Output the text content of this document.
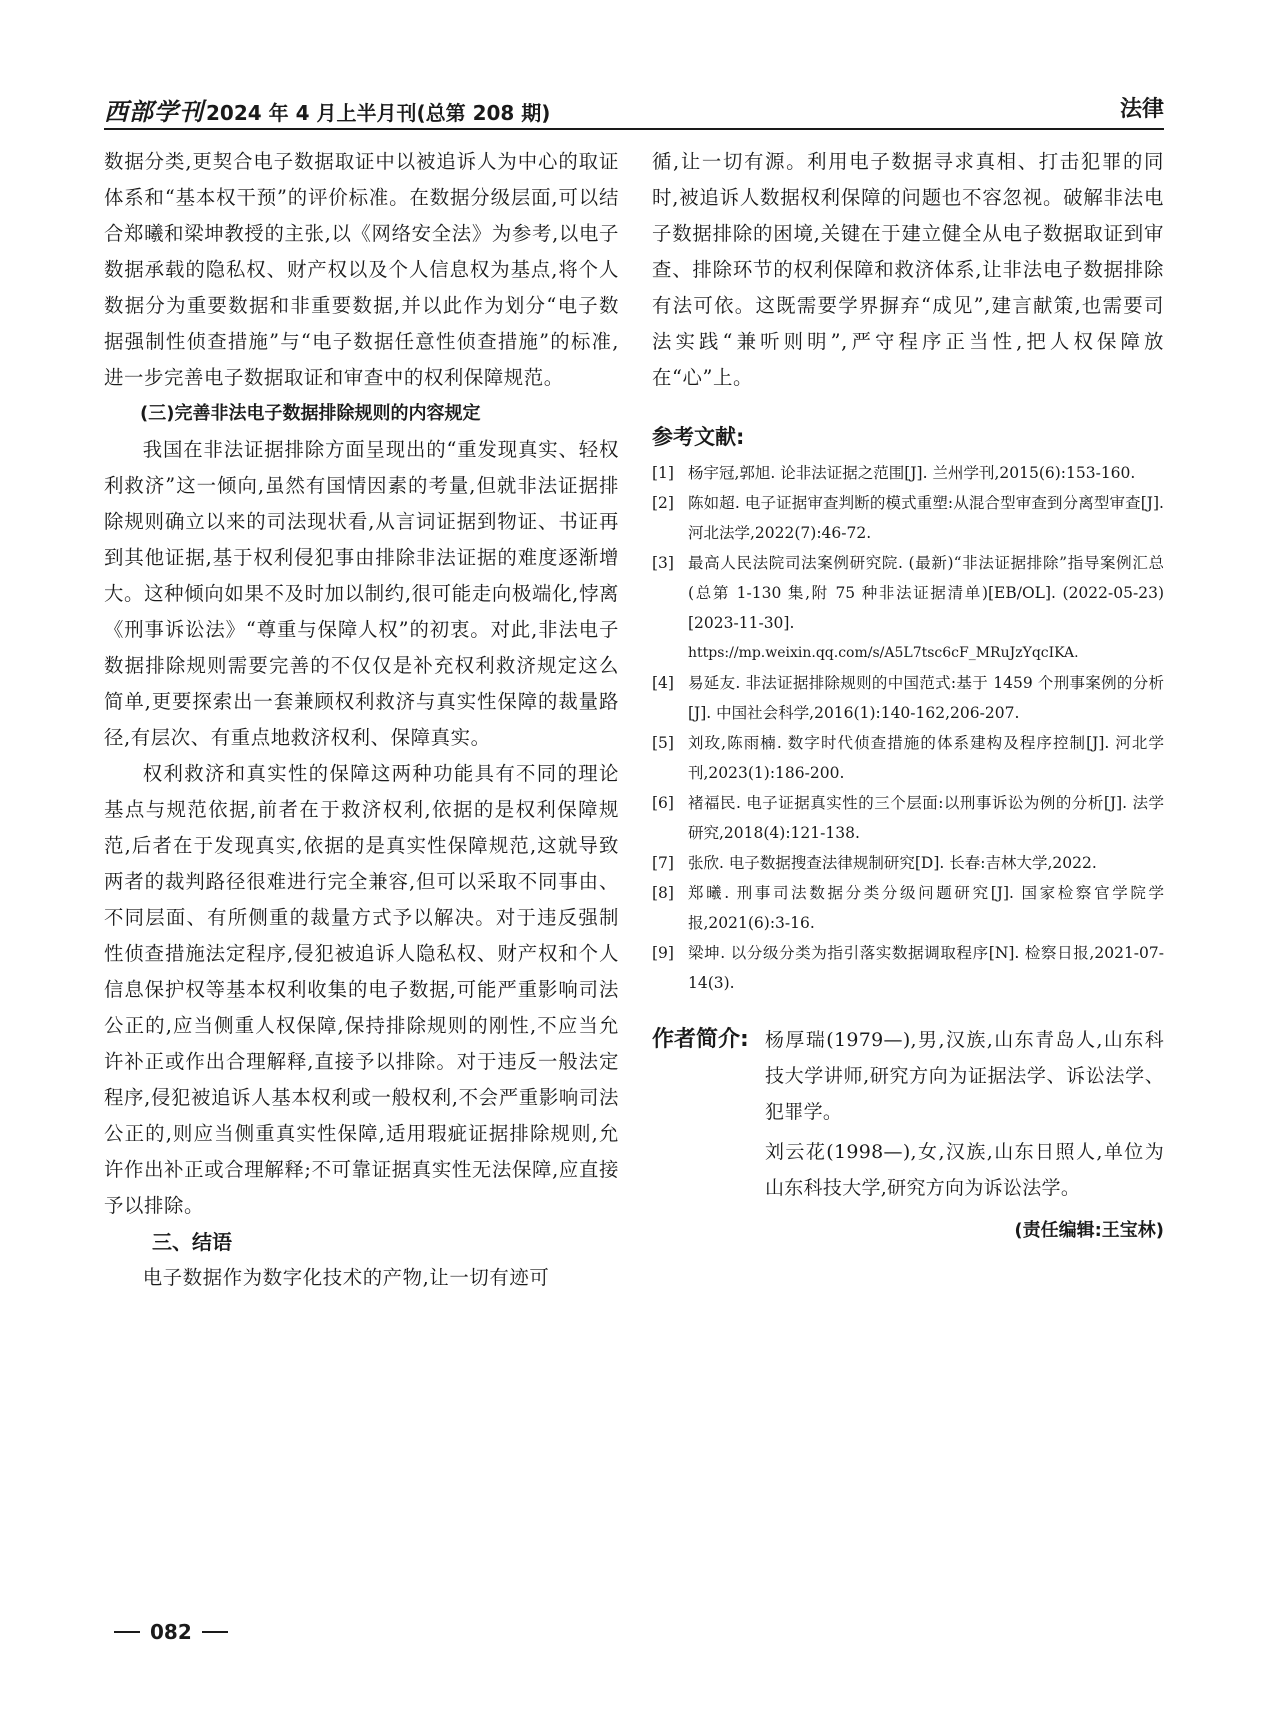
西部学刊 2024 年 4 月上半月刊(总第 208 期)	法律

数据分类,更契合电子数据取证中以被追诉人为中心的取证体系和“基本权干预”的评价标准。在数据分级层面,可以结合郑曦和梁坤教授的主张,以《网络安全法》为参考,以电子数据承载的隐私权、财产权以及个人信息权为基点,将个人数据分为重要数据和非重要数据,并以此作为划分“电子数据强制性侦查措施”与“电子数据任意性侦查措施”的标准,进一步完善电子数据取证和审查中的权利保障规范。

(三)完善非法电子数据排除规则的内容规定

我国在非法证据排除方面呈现出的“重发现真实、轻权利救济”这一倾向,虽然有国情因素的考量,但就非法证据排除规则确立以来的司法现状看,从言词证据到物证、书证再到其他证据,基于权利侵犯事由排除非法证据的难度逐渐增大。这种倾向如果不及时加以制约,很可能走向极端化,悖离《刑事诉讼法》“尊重与保障人权”的初衷。对此,非法电子数据排除规则需要完善的不仅仅是补充权利救济规定这么简单,更要探索出一套兼顾权利救济与真实性保障的裁量路径,有层次、有重点地救济权利、保障真实。

权利救济和真实性的保障这两种功能具有不同的理论基点与规范依据,前者在于救济权利,依据的是权利保障规范,后者在于发现真实,依据的是真实性保障规范,这就导致两者的裁判路径很难进行完全兼容,但可以采取不同事由、不同层面、有所侧重的裁量方式予以解决。对于违反强制性侦查措施法定程序,侵犯被追诉人隐私权、财产权和个人信息保护权等基本权利收集的电子数据,可能严重影响司法公正的,应当侧重人权保障,保持排除规则的刚性,不应当允许补正或作出合理解释,直接予以排除。对于违反一般法定程序,侵犯被追诉人基本权利或一般权利,不会严重影响司法公正的,则应当侧重真实性保障,适用瑕疵证据排除规则,允许作出补正或合理解释;不可靠证据真实性无法保障,应直接予以排除。

三、结语

电子数据作为数字化技术的产物,让一切有迹可

循,让一切有源。利用电子数据寻求真相、打击犯罪的同时,被追诉人数据权利保障的问题也不容忽视。破解非法电子数据排除的困境,关键在于建立健全从电子数据取证到审查、排除环节的权利保障和救济体系,让非法电子数据排除有法可依。这既需要学界摒弃“成见”,建言献策,也需要司法实践“兼听则明”,严守程序正当性,把人权保障放在“心”上。

参考文献:
[1] 杨宇冠,郭旭. 论非法证据之范围[J]. 兰州学刊,2015(6):153-160.
[2] 陈如超. 电子证据审查判断的模式重塑:从混合型审查到分离型审查[J]. 河北法学,2022(7):46-72.
[3] 最高人民法院司法案例研究院. (最新)“非法证据排除”指导案例汇总(总第 1-130 集,附 75 种非法证据清单)[EB/OL]. (2022-05-23)[2023-11-30].
https://mp.weixin.qq.com/s/A5L7tsc6cF_MRuJzYqcIKA.
[4] 易延友. 非法证据排除规则的中国范式:基于 1459 个刑事案例的分析[J]. 中国社会科学,2016(1):140-162,206-207.
[5] 刘玫,陈雨楠. 数字时代侦查措施的体系建构及程序控制[J]. 河北学刊,2023(1):186-200.
[6] 褚福民. 电子证据真实性的三个层面:以刑事诉讼为例的分析[J]. 法学研究,2018(4):121-138.
[7] 张欣. 电子数据搜查法律规制研究[D]. 长春:吉林大学,2022.
[8] 郑曦. 刑事司法数据分类分级问题研究[J]. 国家检察官学院学报,2021(6):3-16.
[9] 梁坤. 以分级分类为指引落实数据调取程序[N]. 检察日报,2021-07-14(3).
作者简介: 杨厚瑞(1979—),男,汉族,山东青岛人,山东科技大学讲师,研究方向为证据法学、诉讼法学、犯罪学。

刘云花(1998—),女,汉族,山东日照人,单位为山东科技大学,研究方向为诉讼法学。

(责任编辑:王宝林)
082
